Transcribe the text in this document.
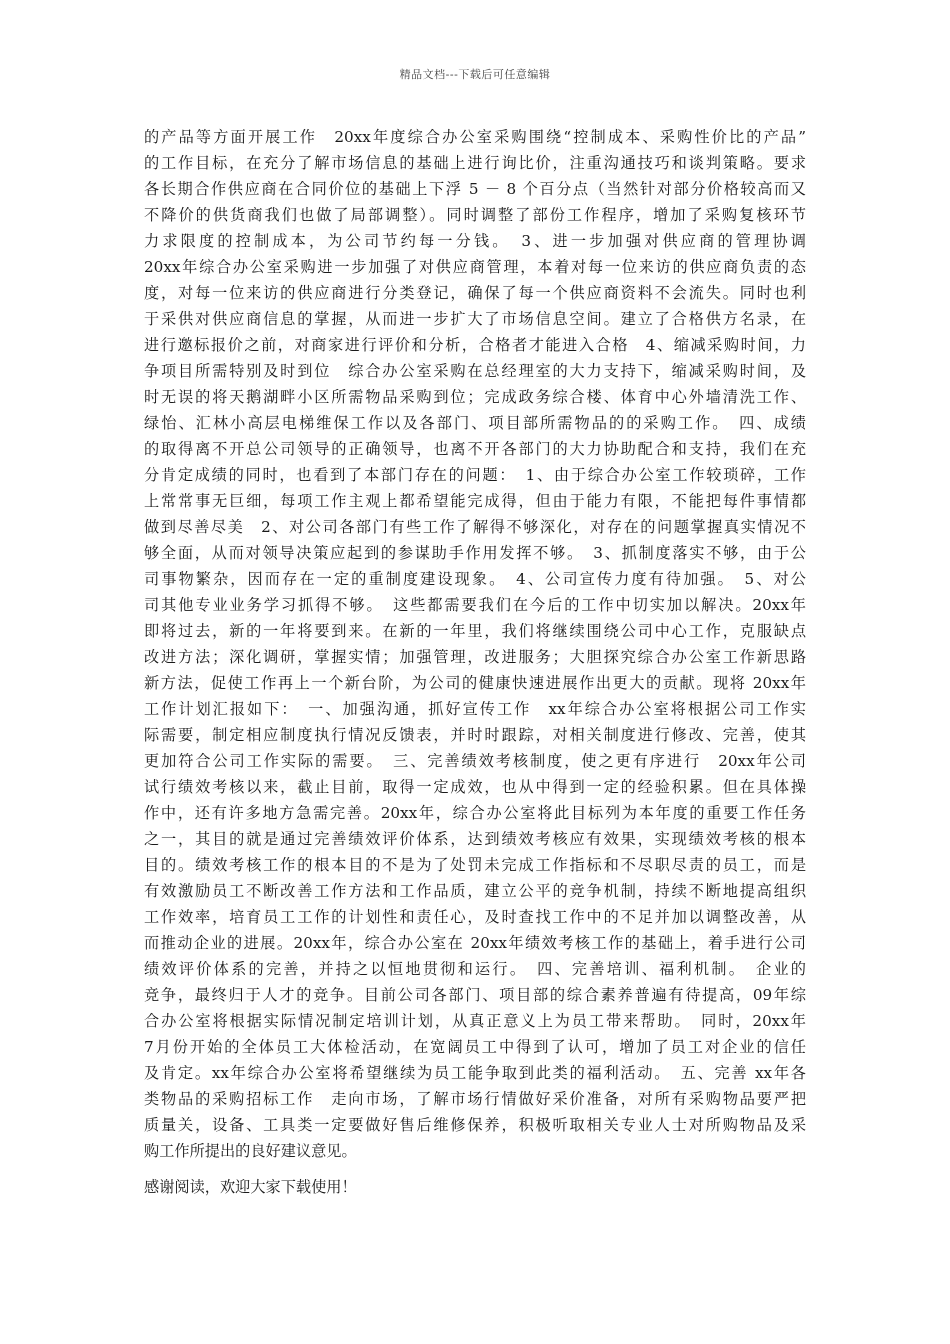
精品文档---下载后可任意编辑
的产品等方面开展工作　20xx年度综合办公室采购围绕“控制成本、采购性价比的产品”
的工作目标，在充分了解市场信息的基础上进行询比价，注重沟通技巧和谈判策略。要求
各长期合作供应商在合同价位的基础上下浮 5 － 8 个百分点（当然针对部分价格较高而又
不降价的供货商我们也做了局部调整）。同时调整了部份工作程序，增加了采购复核环节
力求限度的控制成本，为公司节约每一分钱。　3、进一步加强对供应商的管理协调
20xx年综合办公室采购进一步加强了对供应商管理，本着对每一位来访的供应商负责的态
度，对每一位来访的供应商进行分类登记，确保了每一个供应商资料不会流失。同时也利
于采供对供应商信息的掌握，从而进一步扩大了市场信息空间。建立了合格供方名录，在
进行邀标报价之前，对商家进行评价和分析，合格者才能进入合格　4、缩减采购时间，力
争项目所需特别及时到位　综合办公室采购在总经理室的大力支持下，缩减采购时间，及
时无误的将天鹅湖畔小区所需物品采购到位；完成政务综合楼、体育中心外墙清洗工作、
绿怡、汇林小高层电梯维保工作以及各部门、项目部所需物品的的采购工作。　四、成绩
的取得离不开总公司领导的正确领导，也离不开各部门的大力协助配合和支持，我们在充
分肯定成绩的同时，也看到了本部门存在的问题：　1、由于综合办公室工作较琐碎，工作
上常常事无巨细，每项工作主观上都希望能完成得，但由于能力有限，不能把每件事情都
做到尽善尽美　2、对公司各部门有些工作了解得不够深化，对存在的问题掌握真实情况不
够全面，从而对领导决策应起到的参谋助手作用发挥不够。　3、抓制度落实不够，由于公
司事物繁杂，因而存在一定的重制度建设现象。　4、公司宣传力度有待加强。　5、对公
司其他专业业务学习抓得不够。　这些都需要我们在今后的工作中切实加以解决。20xx年
即将过去，新的一年将要到来。在新的一年里，我们将继续围绕公司中心工作，克服缺点
改进方法；深化调研，掌握实情；加强管理，改进服务；大胆探究综合办公室工作新思路
新方法，促使工作再上一个新台阶，为公司的健康快速进展作出更大的贡献。现将 20xx年
工作计划汇报如下：　一、加强沟通，抓好宣传工作　xx年综合办公室将根据公司工作实
际需要，制定相应制度执行情况反馈表，并时时跟踪，对相关制度进行修改、完善，使其
更加符合公司工作实际的需要。　三、完善绩效考核制度，使之更有序进行　20xx年公司
试行绩效考核以来，截止目前，取得一定成效，也从中得到一定的经验积累。但在具体操
作中，还有许多地方急需完善。20xx年，综合办公室将此目标列为本年度的重要工作任务
之一，其目的就是通过完善绩效评价体系，达到绩效考核应有效果，实现绩效考核的根本
目的。绩效考核工作的根本目的不是为了处罚未完成工作指标和不尽职尽责的员工，而是
有效激励员工不断改善工作方法和工作品质，建立公平的竞争机制，持续不断地提高组织
工作效率，培育员工工作的计划性和责任心，及时查找工作中的不足并加以调整改善，从
而推动企业的进展。20xx年，综合办公室在 20xx年绩效考核工作的基础上，着手进行公司
绩效评价体系的完善，并持之以恒地贯彻和运行。　四、完善培训、福利机制。　企业的
竞争，最终归于人才的竞争。目前公司各部门、项目部的综合素养普遍有待提高，09年综
合办公室将根据实际情况制定培训计划，从真正意义上为员工带来帮助。　同时，20xx年
7月份开始的全体员工大体检活动，在宽阔员工中得到了认可，增加了员工对企业的信任
及肯定。xx年综合办公室将希望继续为员工能争取到此类的福利活动。　五、完善 xx年各
类物品的采购招标工作　走向市场，了解市场行情做好采价准备，对所有采购物品要严把
质量关，设备、工具类一定要做好售后维修保养，积极听取相关专业人士对所购物品及采
购工作所提出的良好建议意见。
感谢阅读，欢迎大家下载使用！
